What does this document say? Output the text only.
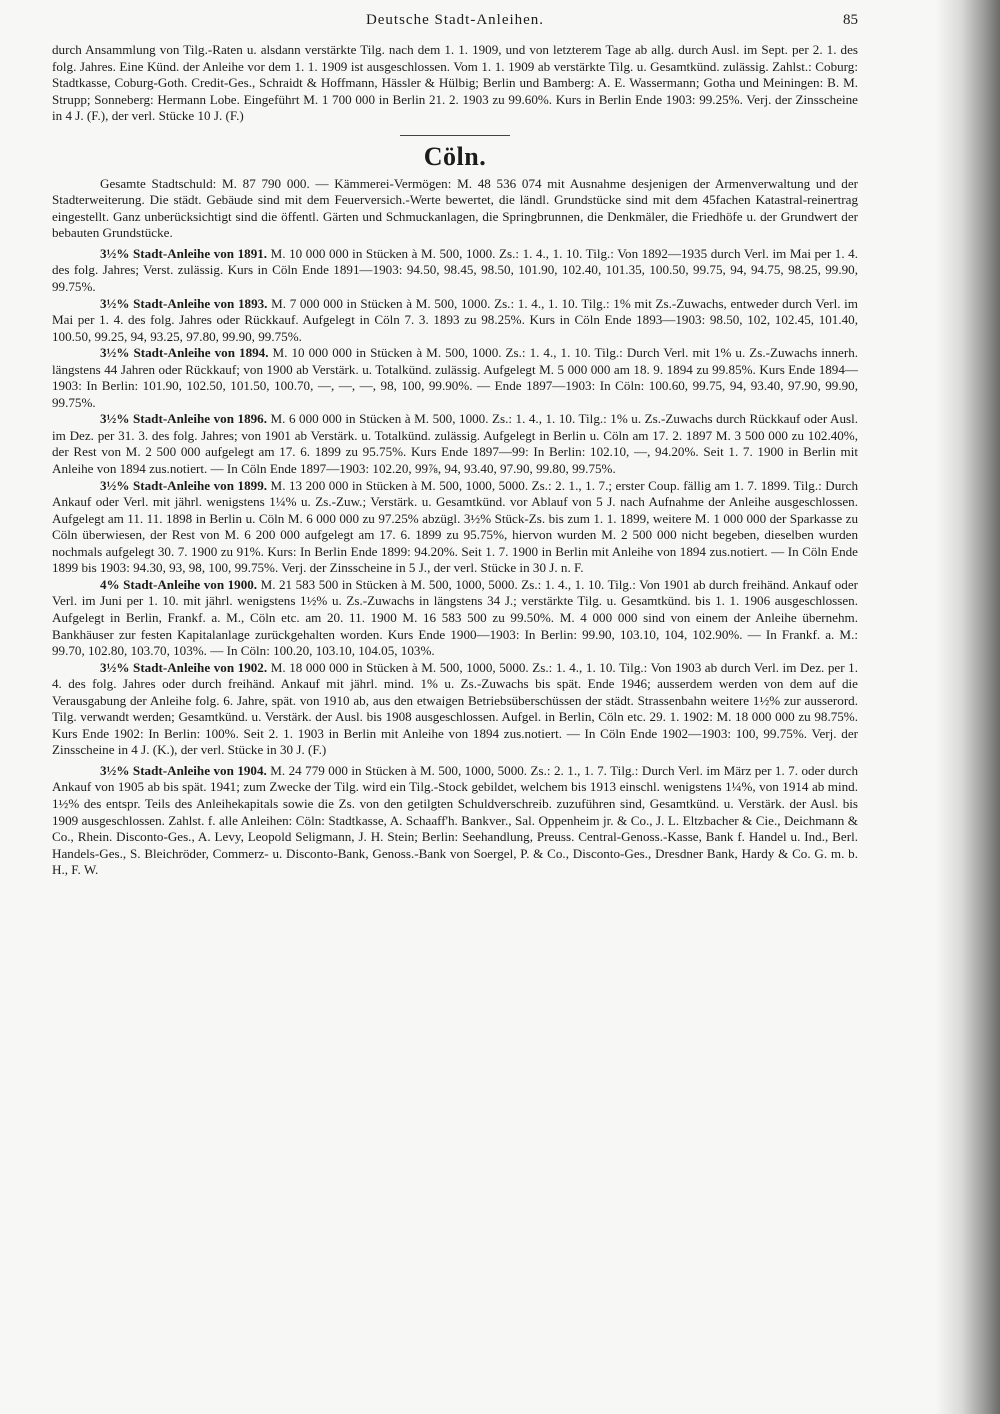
Deutsche Stadt-Anleihen.	85

durch Ansammlung von Tilg.-Raten u. alsdann verstärkte Tilg. nach dem 1. 1. 1909, und von letzterem Tage ab allg. durch Ausl. im Sept. per 2. 1. des folg. Jahres. Eine Künd. der Anleihe vor dem 1. 1. 1909 ist ausgeschlossen. Vom 1. 1. 1909 ab verstärkte Tilg. u. Gesamtkünd. zulässig. Zahlst.: Coburg: Stadtkasse, Coburg-Goth. Credit-Ges., Schraidt & Hoffmann, Hässler & Hülbig; Berlin und Bamberg: A. E. Wassermann; Gotha und Meiningen: B. M. Strupp; Sonneberg: Hermann Lobe. Eingeführt M. 1 700 000 in Berlin 21. 2. 1903 zu 99.60%. Kurs in Berlin Ende 1903: 99.25%. Verj. der Zinsscheine in 4 J. (F.), der verl. Stücke 10 J. (F.)

Cöln.

Gesamte Stadtschuld: M. 87 790 000. — Kämmerei-Vermögen: M. 48 536 074 mit Ausnahme desjenigen der Armenverwaltung und der Stadterweiterung. Die städt. Gebäude sind mit dem Feuerversich.-Werte bewertet, die ländl. Grundstücke sind mit dem 45fachen Katastral-reinertrag eingestellt. Ganz unberücksichtigt sind die öffentl. Gärten und Schmuckanlagen, die Springbrunnen, die Denkmäler, die Friedhöfe u. der Grundwert der bebauten Grundstücke.

3½% Stadt-Anleihe von 1891. M. 10 000 000 in Stücken à M. 500, 1000. Zs.: 1. 4., 1. 10. Tilg.: Von 1892—1935 durch Verl. im Mai per 1. 4. des folg. Jahres; Verst. zulässig. Kurs in Cöln Ende 1891—1903: 94.50, 98.45, 98.50, 101.90, 102.40, 101.35, 100.50, 99.75, 94, 94.75, 98.25, 99.90, 99.75%.

3½% Stadt-Anleihe von 1893. M. 7 000 000 in Stücken à M. 500, 1000. Zs.: 1. 4., 1. 10. Tilg.: 1% mit Zs.-Zuwachs, entweder durch Verl. im Mai per 1. 4. des folg. Jahres oder Rückkauf. Aufgelegt in Cöln 7. 3. 1893 zu 98.25%. Kurs in Cöln Ende 1893—1903: 98.50, 102, 102.45, 101.40, 100.50, 99.25, 94, 93.25, 97.80, 99.90, 99.75%.

3½% Stadt-Anleihe von 1894. M. 10 000 000 in Stücken à M. 500, 1000. Zs.: 1. 4., 1. 10. Tilg.: Durch Verl. mit 1% u. Zs.-Zuwachs innerh. längstens 44 Jahren oder Rückkauf; von 1900 ab Verstärk. u. Totalkünd. zulässig. Aufgelegt M. 5 000 000 am 18. 9. 1894 zu 99.85%. Kurs Ende 1894—1903: In Berlin: 101.90, 102.50, 101.50, 100.70, —, —, —, 98, 100, 99.90%. — Ende 1897—1903: In Cöln: 100.60, 99.75, 94, 93.40, 97.90, 99.90, 99.75%.

3½% Stadt-Anleihe von 1896. M. 6 000 000 in Stücken à M. 500, 1000. Zs.: 1. 4., 1. 10. Tilg.: 1% u. Zs.-Zuwachs durch Rückkauf oder Ausl. im Dez. per 31. 3. des folg. Jahres; von 1901 ab Verstärk. u. Totalkünd. zulässig. Aufgelegt in Berlin u. Cöln am 17. 2. 1897 M. 3 500 000 zu 102.40%, der Rest von M. 2 500 000 aufgelegt am 17. 6. 1899 zu 95.75%. Kurs Ende 1897—99: In Berlin: 102.10, —, 94.20%. Seit 1. 7. 1900 in Berlin mit Anleihe von 1894 zus.notiert. — In Cöln Ende 1897—1903: 102.20, 99⅞, 94, 93.40, 97.90, 99.80, 99.75%.

3½% Stadt-Anleihe von 1899. M. 13 200 000 in Stücken à M. 500, 1000, 5000. Zs.: 2. 1., 1. 7.; erster Coup. fällig am 1. 7. 1899. Tilg.: Durch Ankauf oder Verl. mit jährl. wenigstens 1¼% u. Zs.-Zuw.; Verstärk. u. Gesamtkünd. vor Ablauf von 5 J. nach Aufnahme der Anleihe ausgeschlossen. Aufgelegt am 11. 11. 1898 in Berlin u. Cöln M. 6 000 000 zu 97.25% abzügl. 3½% Stück-Zs. bis zum 1. 1. 1899, weitere M. 1 000 000 der Sparkasse zu Cöln überwiesen, der Rest von M. 6 200 000 aufgelegt am 17. 6. 1899 zu 95.75%, hiervon wurden M. 2 500 000 nicht begeben, dieselben wurden nochmals aufgelegt 30. 7. 1900 zu 91%. Kurs: In Berlin Ende 1899: 94.20%. Seit 1. 7. 1900 in Berlin mit Anleihe von 1894 zus.notiert. — In Cöln Ende 1899 bis 1903: 94.30, 93, 98, 100, 99.75%. Verj. der Zinsscheine in 5 J., der verl. Stücke in 30 J. n. F.

4% Stadt-Anleihe von 1900. M. 21 583 500 in Stücken à M. 500, 1000, 5000. Zs.: 1. 4., 1. 10. Tilg.: Von 1901 ab durch freihänd. Ankauf oder Verl. im Juni per 1. 10. mit jährl. wenigstens 1½% u. Zs.-Zuwachs in längstens 34 J.; verstärkte Tilg. u. Gesamtkünd. bis 1. 1. 1906 ausgeschlossen. Aufgelegt in Berlin, Frankf. a. M., Cöln etc. am 20. 11. 1900 M. 16 583 500 zu 99.50%. M. 4 000 000 sind von einem der Anleihe übernehm. Bankhäuser zur festen Kapitalanlage zurückgehalten worden. Kurs Ende 1900—1903: In Berlin: 99.90, 103.10, 104, 102.90%. — In Frankf. a. M.: 99.70, 102.80, 103.70, 103%. — In Cöln: 100.20, 103.10, 104.05, 103%.

3½% Stadt-Anleihe von 1902. M. 18 000 000 in Stücken à M. 500, 1000, 5000. Zs.: 1. 4., 1. 10. Tilg.: Von 1903 ab durch Verl. im Dez. per 1. 4. des folg. Jahres oder durch freihänd. Ankauf mit jährl. mind. 1% u. Zs.-Zuwachs bis spät. Ende 1946; ausserdem werden von dem auf die Verausgabung der Anleihe folg. 6. Jahre, spät. von 1910 ab, aus den etwaigen Betriebsüberschüssen der städt. Strassenbahn weitere 1½% zur ausserord. Tilg. verwandt werden; Gesamtkünd. u. Verstärk. der Ausl. bis 1908 ausgeschlossen. Aufgel. in Berlin, Cöln etc. 29. 1. 1902: M. 18 000 000 zu 98.75%. Kurs Ende 1902: In Berlin: 100%. Seit 2. 1. 1903 in Berlin mit Anleihe von 1894 zus.notiert. — In Cöln Ende 1902—1903: 100, 99.75%. Verj. der Zinsscheine in 4 J. (K.), der verl. Stücke in 30 J. (F.)

3½% Stadt-Anleihe von 1904. M. 24 779 000 in Stücken à M. 500, 1000, 5000. Zs.: 2. 1., 1. 7. Tilg.: Durch Verl. im März per 1. 7. oder durch Ankauf von 1905 ab bis spät. 1941; zum Zwecke der Tilg. wird ein Tilg.-Stock gebildet, welchem bis 1913 einschl. wenigstens 1¼%, von 1914 ab mind. 1½% des entspr. Teils des Anleihekapitals sowie die Zs. von den getilgten Schuldverschreib. zuzuführen sind, Gesamtkünd. u. Verstärk. der Ausl. bis 1909 ausgeschlossen. Zahlst. f. alle Anleihen: Cöln: Stadtkasse, A. Schaaff'h. Bankver., Sal. Oppenheim jr. & Co., J. L. Eltzbacher & Cie., Deichmann & Co., Rhein. Disconto-Ges., A. Levy, Leopold Seligmann, J. H. Stein; Berlin: Seehandlung, Preuss. Central-Genoss.-Kasse, Bank f. Handel u. Ind., Berl. Handels-Ges., S. Bleichröder, Commerz- u. Disconto-Bank, Genoss.-Bank von Soergel, P. & Co., Disconto-Ges., Dresdner Bank, Hardy & Co. G. m. b. H., F. W.
